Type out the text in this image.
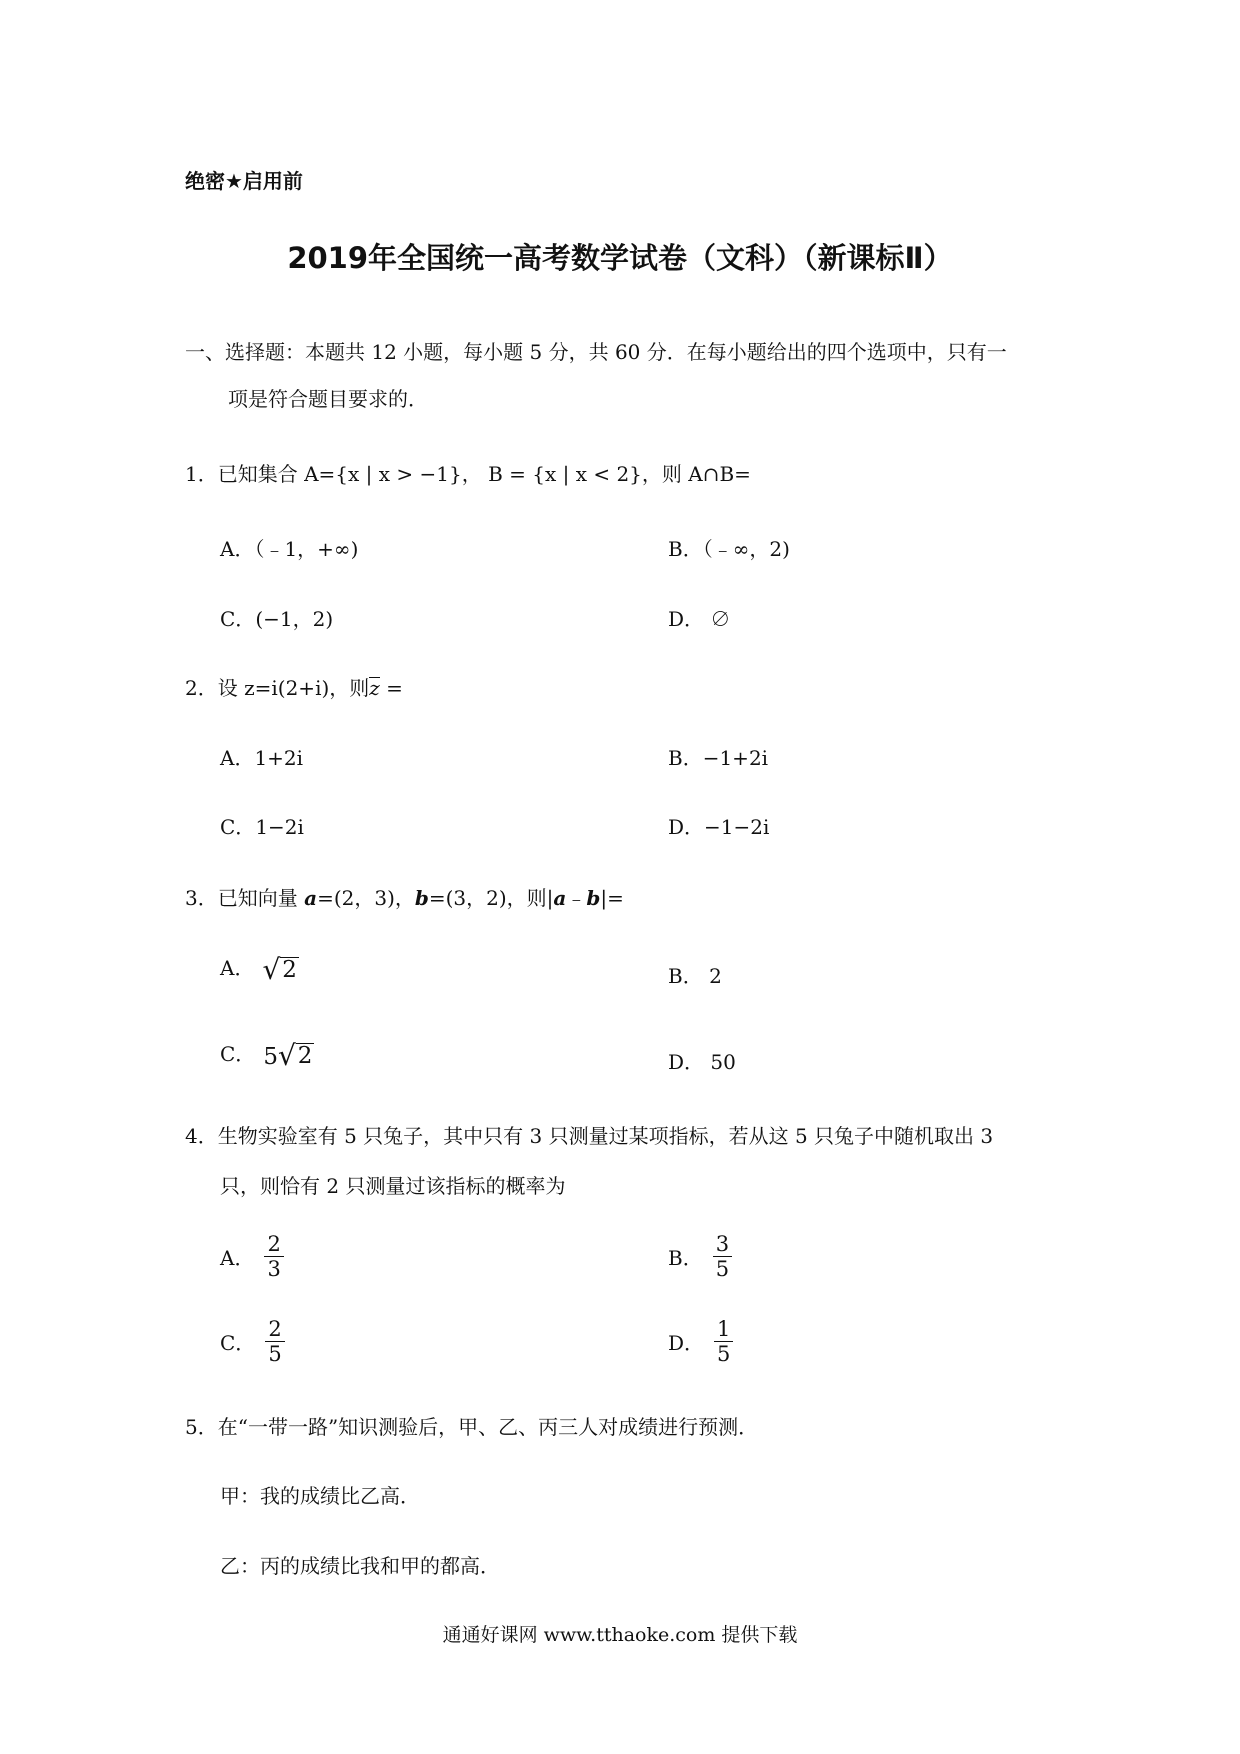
绝密★启用前
2019年全国统一高考数学试卷（文科）（新课标Ⅱ）
一、选择题：本题共 12 小题，每小题 5 分，共 60 分．在每小题给出的四个选项中，只有一
项是符合题目要求的．
1．已知集合 A={x | x > −1}， B = {x | x < 2}，则 A∩B=
A．（﹣1，+∞)	B．（﹣∞，2)
C．(−1，2)	D． ∅
2．设 z=i(2+i)，则z =
A．1+2i	B．−1+2i
C．1−2i	D．−1−2i
3．已知向量 a=(2，3)，b=(3，2)，则|a﹣b|=
A． √ 2	B． 2
C． 5 √ 2	D． 50
4．生物实验室有 5 只兔子，其中只有 3 只测量过某项指标，若从这 5 只兔子中随机取出 3
只，则恰有 2 只测量过该指标的概率为
A． $\frac{2}{3}$	B． $\frac{3}{5}$
C． $\frac{2}{5}$	D． $\frac{1}{5}$
5．在“一带一路”知识测验后，甲、乙、丙三人对成绩进行预测．
甲：我的成绩比乙高．
乙：丙的成绩比我和甲的都高．
通通好课网 www.tthaoke.com 提供下载
